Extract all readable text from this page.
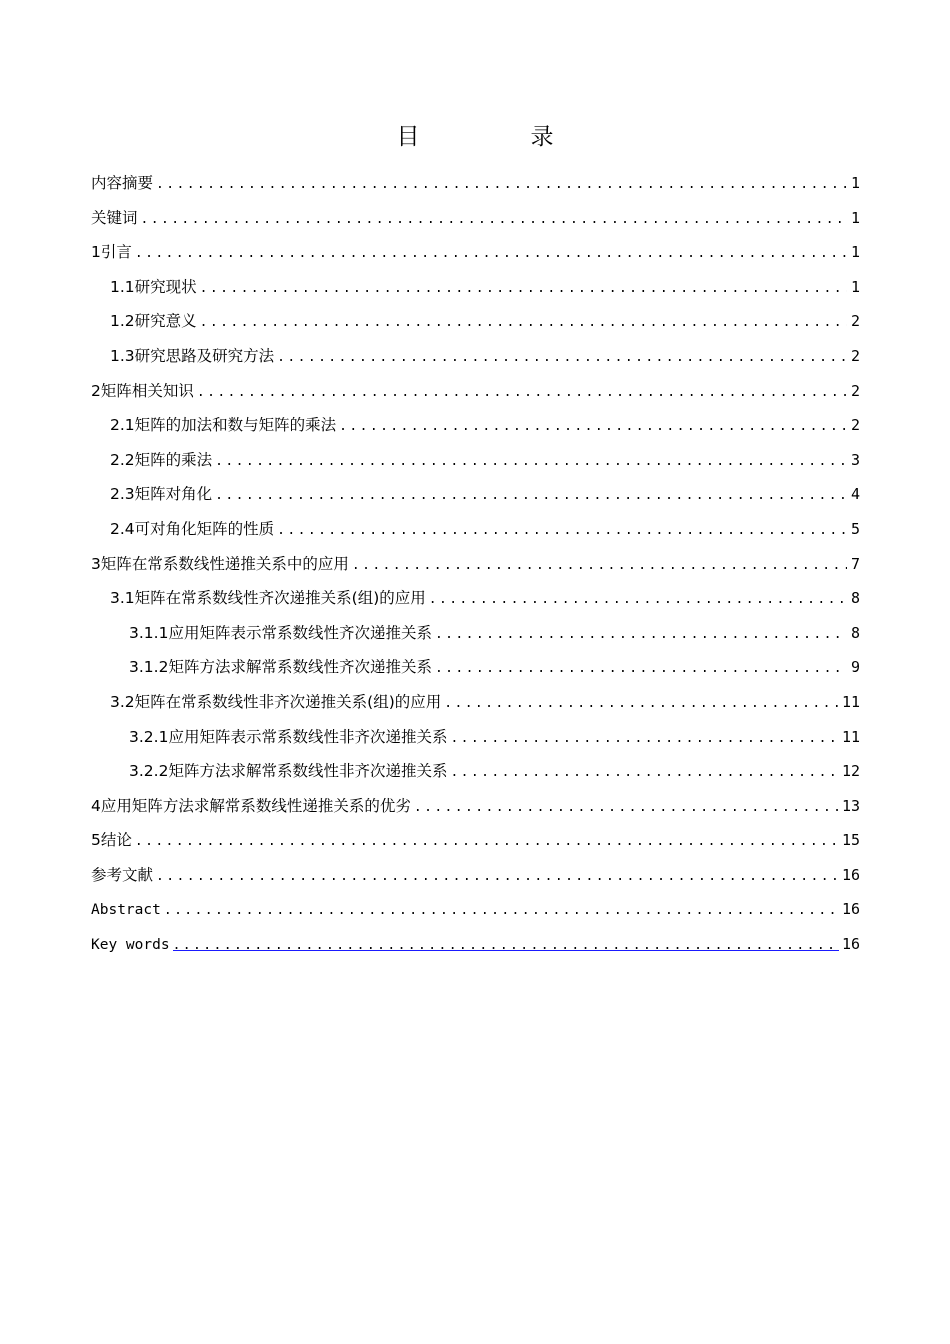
目　录
内容摘要 .....	1
关键词 .....	1
1引言 .....	1
1.1研究现状 .....	1
1.2研究意义 .....	2
1.3研究思路及研究方法 .....	2
2矩阵相关知识 .....	2
2.1矩阵的加法和数与矩阵的乘法 .....	2
2.2矩阵的乘法 .....	3
2.3矩阵对角化 .....	4
2.4可对角化矩阵的性质 .....	5
3矩阵在常系数线性递推关系中的应用 .....	7
3.1矩阵在常系数线性齐次递推关系(组)的应用 .....	8
3.1.1应用矩阵表示常系数线性齐次递推关系 .....	8
3.1.2矩阵方法求解常系数线性齐次递推关系 .....	9
3.2矩阵在常系数线性非齐次递推关系(组)的应用 .....	11
3.2.1应用矩阵表示常系数线性非齐次递推关系 .....	11
3.2.2矩阵方法求解常系数线性非齐次递推关系 .....	12
4应用矩阵方法求解常系数线性递推关系的优劣 .....	13
5结论 .....	15
参考文献 .....	16
Abstract .....	16
Key words .....	16
